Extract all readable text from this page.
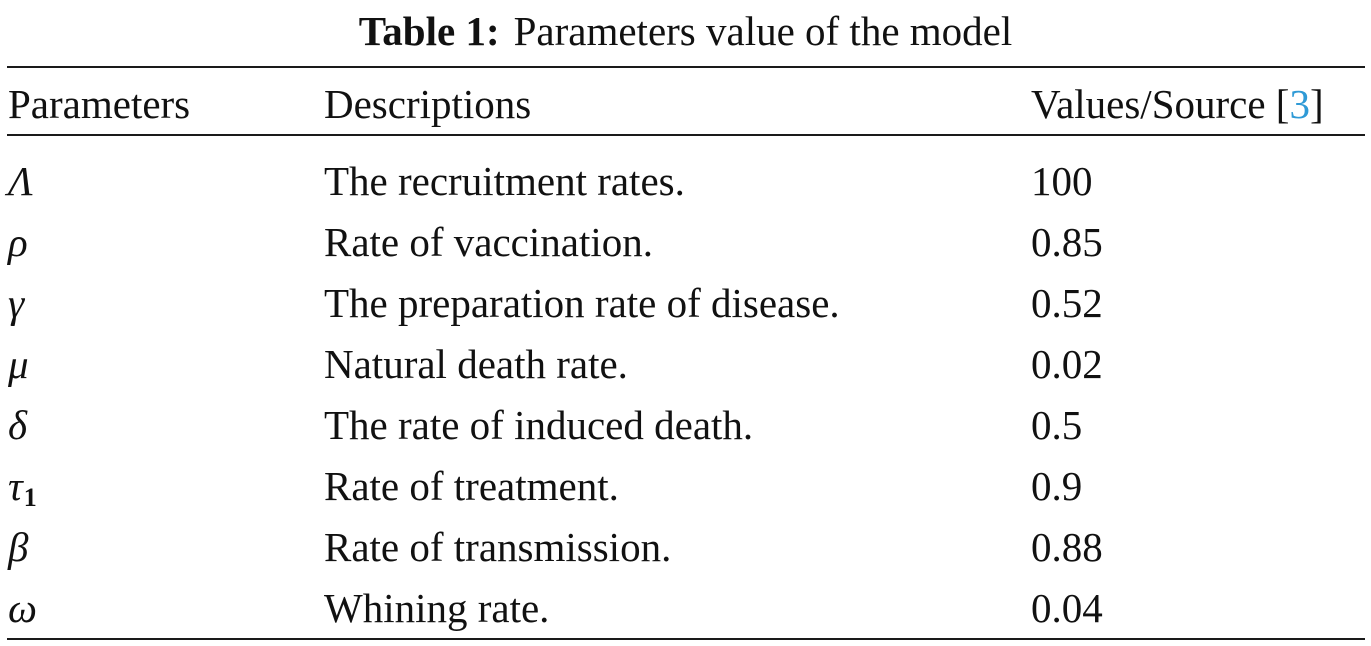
Table 1: Parameters value of the model
Parameters	Descriptions	Values/Source [3]
Λ	The recruitment rates.	100
ρ	Rate of vaccination.	0.85
γ	The preparation rate of disease.	0.52
μ	Natural death rate.	0.02
δ	The rate of induced death.	0.5
$\tau_1$	Rate of treatment.	0.9
β	Rate of transmission.	0.88
ω	Whining rate.	0.04
